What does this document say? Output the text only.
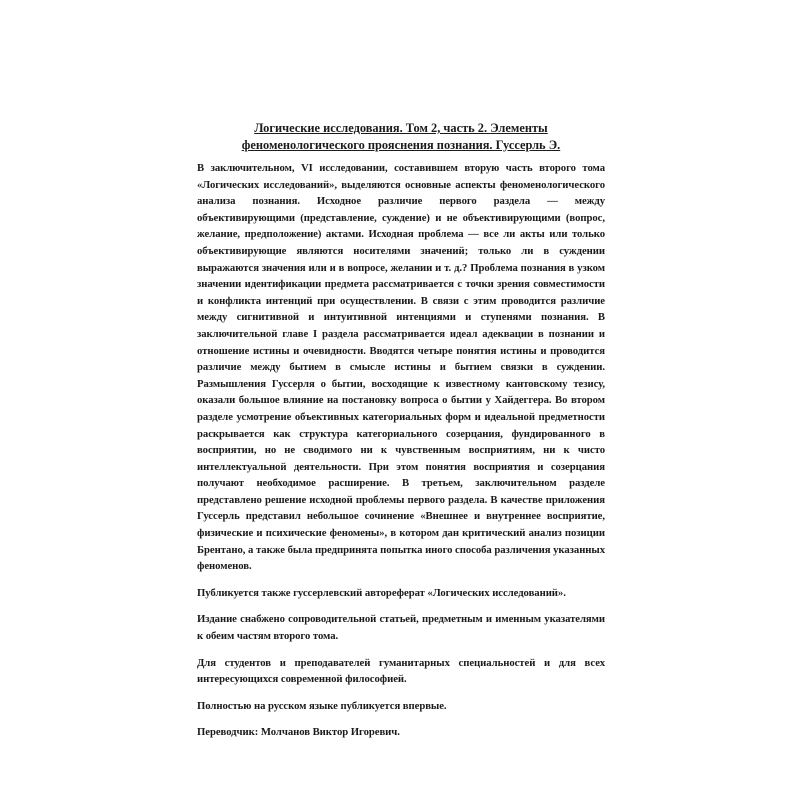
Логические исследования. Том 2, часть 2. Элементы феноменологического прояснения познания. Гуссерль Э.

В заключительном, VI исследовании, составившем вторую часть второго тома «Логических исследований», выделяются основные аспекты феноменологического анализа познания. Исходное различие первого раздела — между объективирующими (представление, суждение) и не объективирующими (вопрос, желание, предположение) актами. Исходная проблема — все ли акты или только объективирующие являются носителями значений; только ли в суждении выражаются значения или и в вопросе, желании и т. д.? Проблема познания в узком значении идентификации предмета рассматривается с точки зрения совместимости и конфликта интенций при осуществлении. В связи с этим проводится различие между сигнитивной и интуитивной интенциями и ступенями познания. В заключительной главе I раздела рассматривается идеал адеквации в познании и отношение истины и очевидности. Вводятся четыре понятия истины и проводится различие между бытием в смысле истины и бытием связки в суждении. Размышления Гуссерля о бытии, восходящие к известному кантовскому тезису, оказали большое влияние на постановку вопроса о бытии у Хайдеггера. Во втором разделе усмотрение объективных категориальных форм и идеальной предметности раскрывается как структура категориального созерцания, фундированного в восприятии, но не сводимого ни к чувственным восприятиям, ни к чисто интеллектуальной деятельности. При этом понятия восприятия и созерцания получают необходимое расширение. В третьем, заключительном разделе представлено решение исходной проблемы первого раздела. В качестве приложения Гуссерль представил небольшое сочинение «Внешнее и внутреннее восприятие, физические и психические феномены», в котором дан критический анализ позиции Брентано, а также была предпринята попытка иного способа различения указанных феноменов.

Публикуется также гуссерлевский автореферат «Логических исследований».

Издание снабжено сопроводительной статьей, предметным и именным указателями к обеим частям второго тома.

Для студентов и преподавателей гуманитарных специальностей и для всех интересующихся современной философией.

Полностью на русском языке публикуется впервые.

Переводчик: Молчанов Виктор Игоревич.
